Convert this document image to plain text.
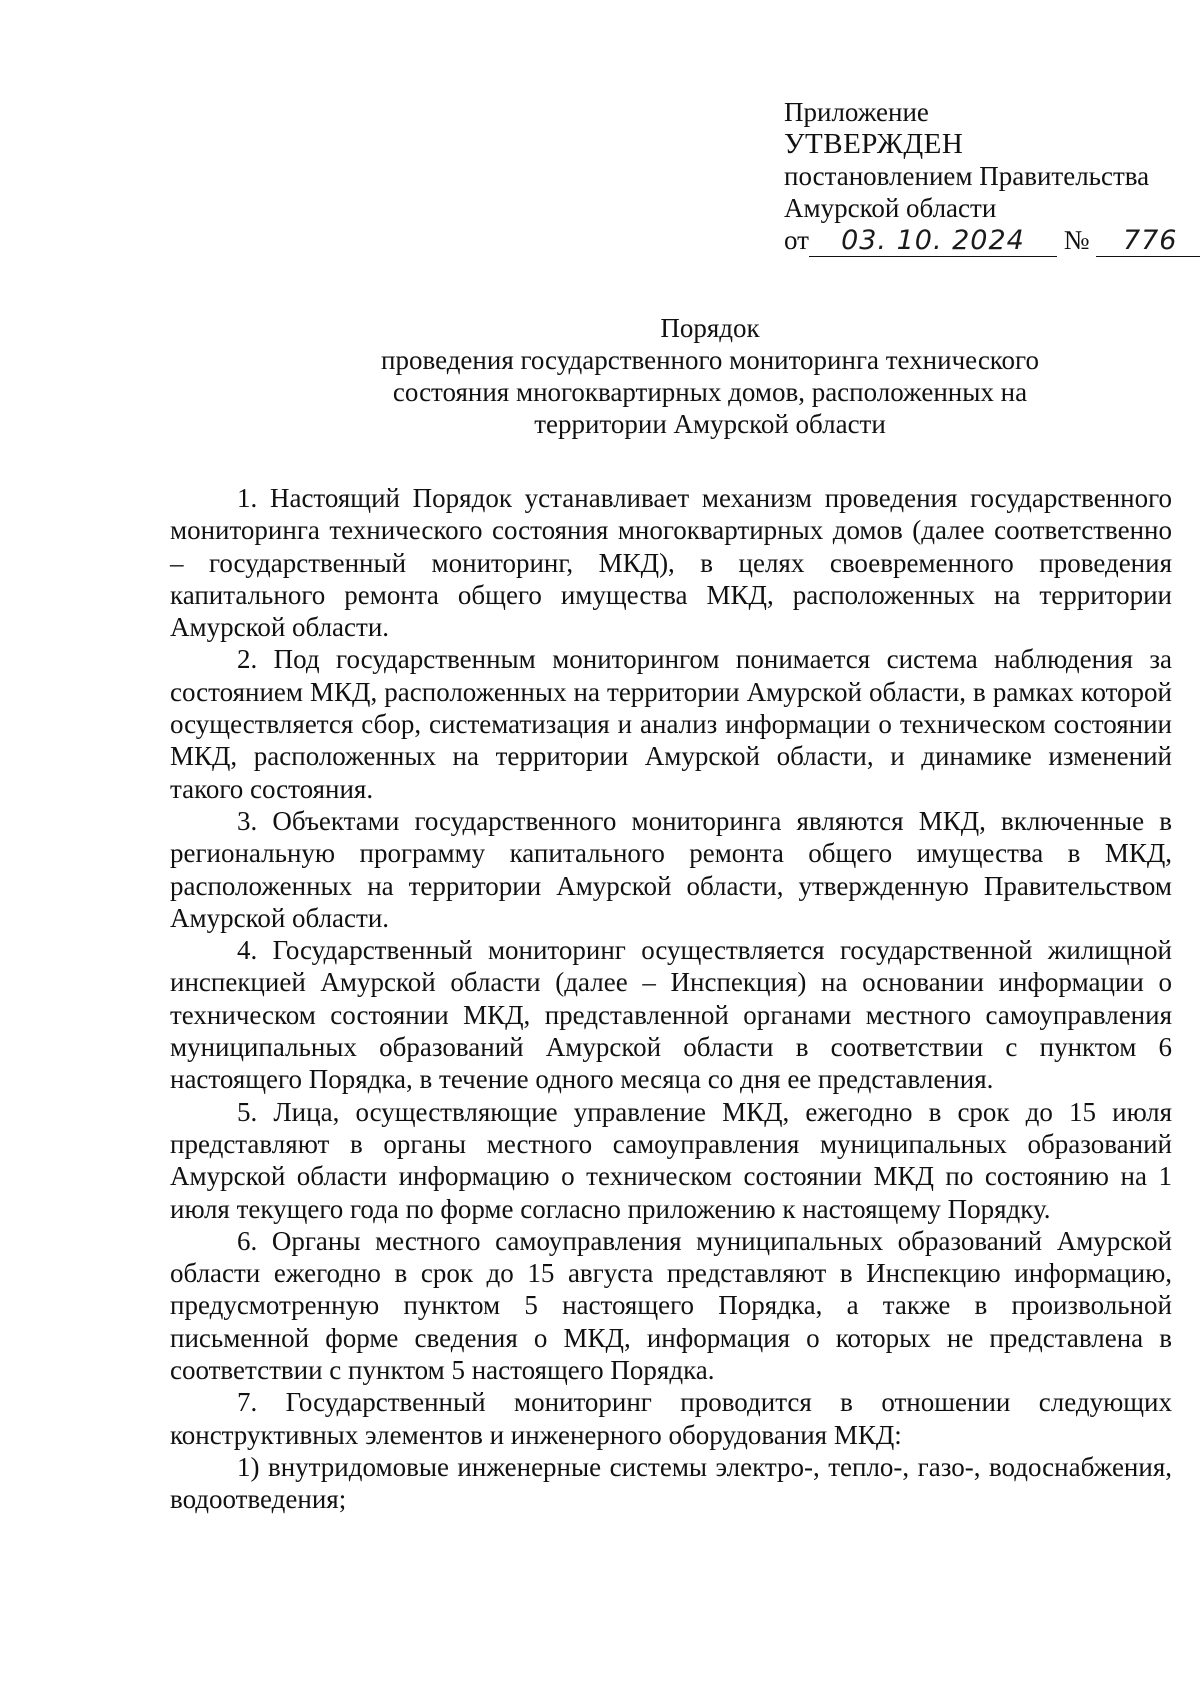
Приложение
УТВЕРЖДЕН
постановлением Правительства
Амурской области
от 03. 10. 2024 № 776
Порядок
проведения государственного мониторинга технического
состояния многоквартирных домов, расположенных на
территории Амурской области

1. Настоящий Порядок устанавливает механизм проведения государственного мониторинга технического состояния многоквартирных домов (далее соответственно – государственный мониторинг, МКД), в целях своевременного проведения капитального ремонта общего имущества МКД, расположенных на территории Амурской области.

2. Под государственным мониторингом понимается система наблюдения за состоянием МКД, расположенных на территории Амурской области, в рамках которой осуществляется сбор, систематизация и анализ информации о техническом состоянии МКД, расположенных на территории Амурской области, и динамике изменений такого состояния.

3. Объектами государственного мониторинга являются МКД, включенные в региональную программу капитального ремонта общего имущества в МКД, расположенных на территории Амурской области, утвержденную Правительством Амурской области.

4. Государственный мониторинг осуществляется государственной жилищной инспекцией Амурской области (далее – Инспекция) на основании информации о техническом состоянии МКД, представленной органами местного самоуправления муниципальных образований Амурской области в соответствии с пунктом 6 настоящего Порядка, в течение одного месяца со дня ее представления.

5. Лица, осуществляющие управление МКД, ежегодно в срок до 15 июля представляют в органы местного самоуправления муниципальных образований Амурской области информацию о техническом состоянии МКД по состоянию на 1 июля текущего года по форме согласно приложению к настоящему Порядку.

6. Органы местного самоуправления муниципальных образований Амурской области ежегодно в срок до 15 августа представляют в Инспекцию информацию, предусмотренную пунктом 5 настоящего Порядка, а также в произвольной письменной форме сведения о МКД, информация о которых не представлена в соответствии с пунктом 5 настоящего Порядка.

7. Государственный мониторинг проводится в отношении следующих конструктивных элементов и инженерного оборудования МКД:

1) внутридомовые инженерные системы электро-, тепло-, газо-, водоснабжения, водоотведения;
